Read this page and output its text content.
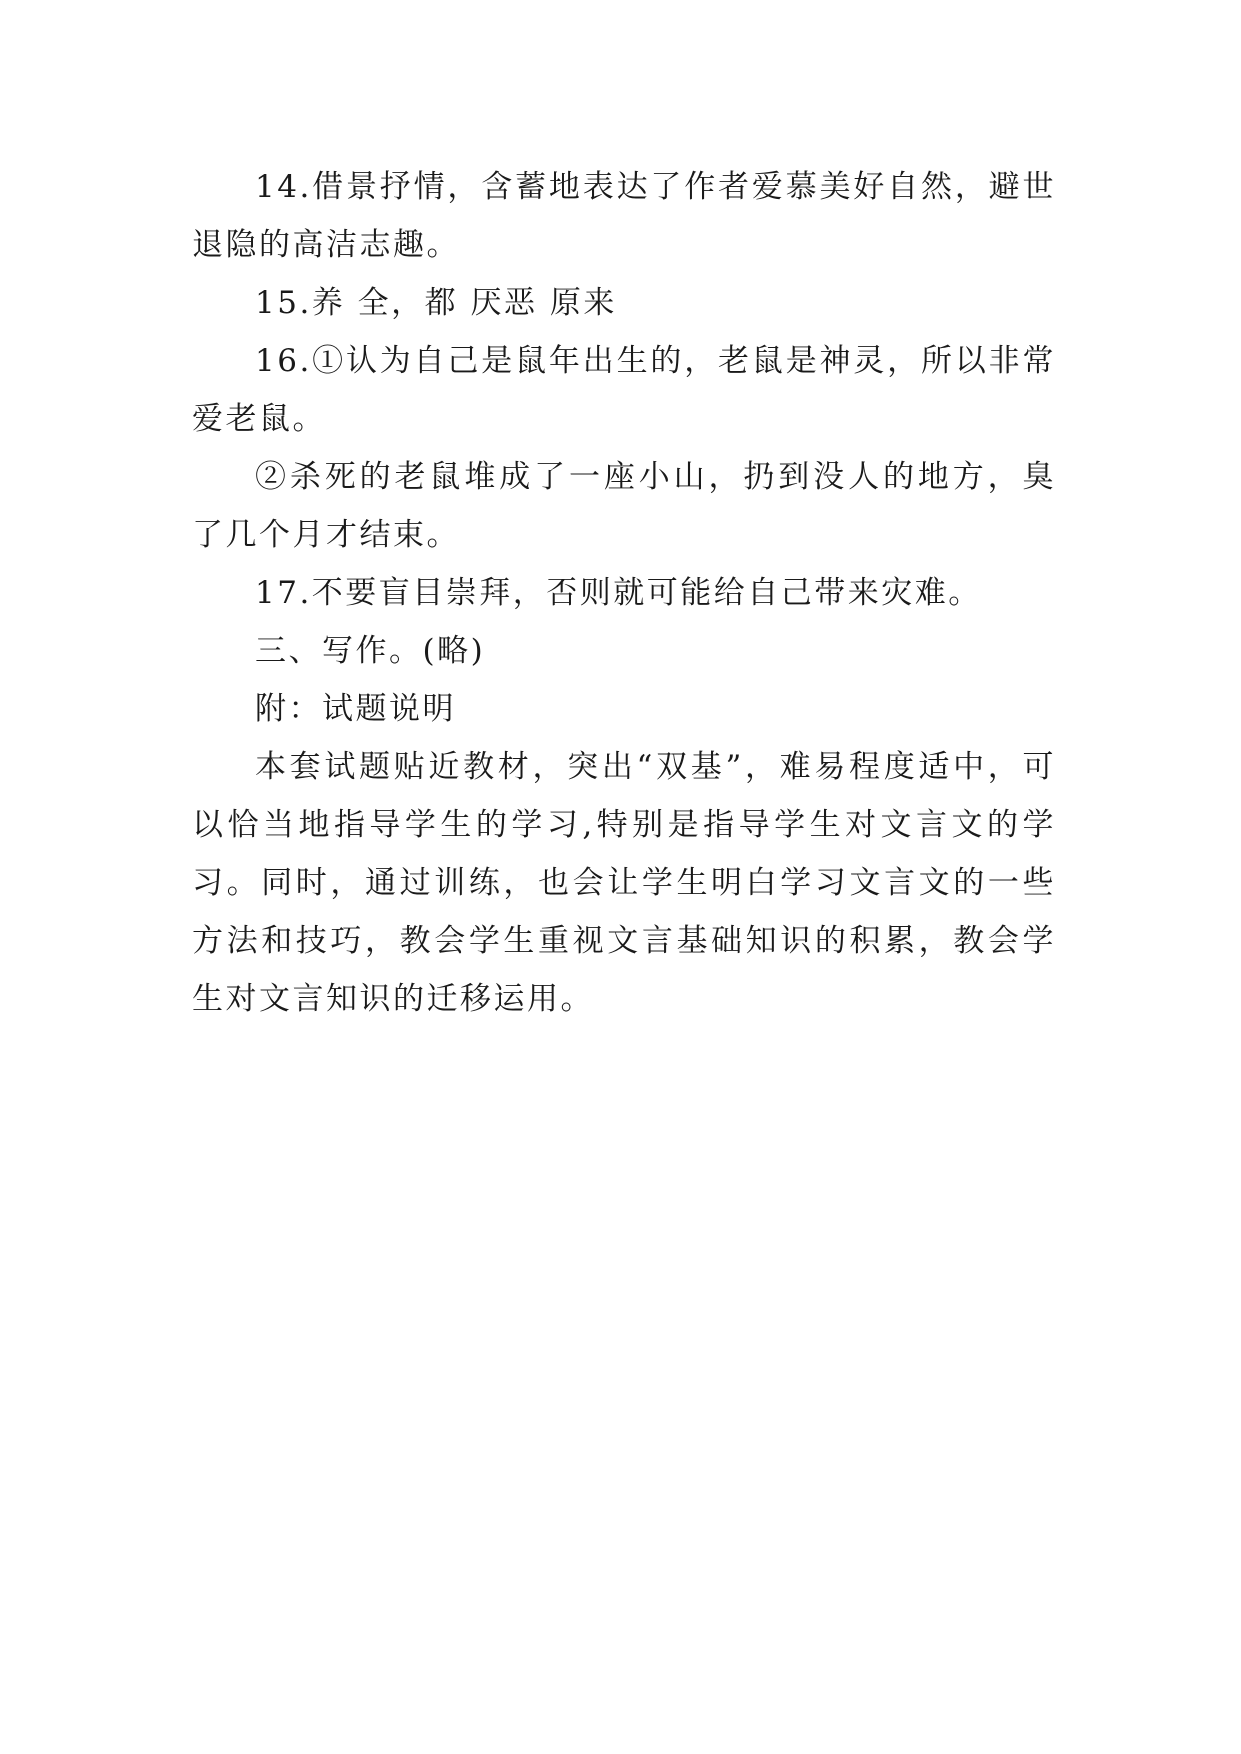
14.借景抒情，含蓄地表达了作者爱慕美好自然，避世退隐的高洁志趣。

15.养 全，都 厌恶 原来

16.①认为自己是鼠年出生的，老鼠是神灵，所以非常爱老鼠。

②杀死的老鼠堆成了一座小山，扔到没人的地方，臭了几个月才结束。

17.不要盲目崇拜，否则就可能给自己带来灾难。

三、写作。(略)

附：试题说明

本套试题贴近教材，突出“双基”，难易程度适中，可以恰当地指导学生的学习,特别是指导学生对文言文的学习。同时，通过训练，也会让学生明白学习文言文的一些方法和技巧，教会学生重视文言基础知识的积累，教会学生对文言知识的迁移运用。
